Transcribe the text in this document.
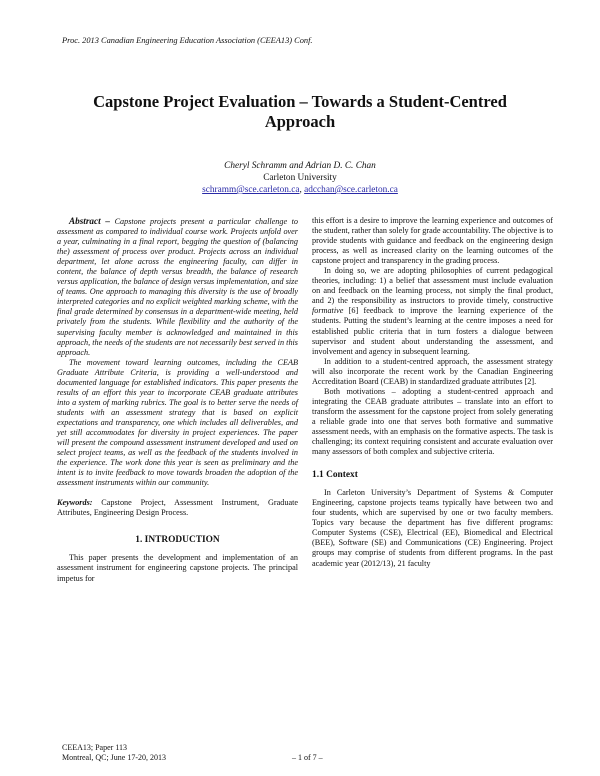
Proc. 2013 Canadian Engineering Education Association (CEEA13) Conf.
Capstone Project Evaluation – Towards a Student-Centred
Approach
Cheryl Schramm and Adrian D. C. Chan
Carleton University
schramm@sce.carleton.ca, adcchan@sce.carleton.ca

Abstract – Capstone projects present a particular challenge to assessment as compared to individual course work. Projects unfold over a year, culminating in a final report, begging the question of (balancing the) assessment of process over product. Projects across an individual department, let alone across the engineering faculty, can differ in content, the balance of depth versus breadth, the balance of research versus application, the balance of design versus implementation, and size of teams. One approach to managing this diversity is the use of broadly interpreted categories and no explicit weighted marking scheme, with the final grade determined by consensus in a department-wide meeting, held privately from the students. While flexibility and the authority of the supervising faculty member is acknowledged and maintained in this approach, the needs of the students are not necessarily best served in this approach.

The movement toward learning outcomes, including the CEAB Graduate Attribute Criteria, is providing a well-understood and documented language for established indicators. This paper presents the results of an effort this year to incorporate CEAB graduate attributes into a system of marking rubrics. The goal is to better serve the needs of students with an assessment strategy that is based on explicit expectations and transparency, one which includes all deliverables, and yet still accommodates for diversity in project experiences. The paper will present the compound assessment instrument developed and used on select project teams, as well as the feedback of the students involved in the experience. The work done this year is seen as preliminary and the intent is to invite feedback to move towards broaden the adoption of the assessment instruments within our community.

Keywords: Capstone Project, Assessment Instrument, Graduate Attributes, Engineering Design Process.

1. INTRODUCTION

This paper presents the development and implementation of an assessment instrument for engineering capstone projects. The principal impetus for

this effort is a desire to improve the learning experience and outcomes of the student, rather than solely for grade accountability. The objective is to provide students with guidance and feedback on the engineering design process, as well as increased clarity on the learning outcomes of the capstone project and transparency in the grading process.

In doing so, we are adopting philosophies of current pedagogical theories, including: 1) a belief that assessment must include evaluation on and feedback on the learning process, not simply the final product, and 2) the responsibility as instructors to provide timely, constructive formative [6] feedback to improve the learning experience of the students. Putting the student’s learning at the centre imposes a need for established public criteria that in turn fosters a dialogue between supervisor and student about understanding the assessment, and involvement and agency in subsequent learning.

In addition to a student-centred approach, the assessment strategy will also incorporate the recent work by the Canadian Engineering Accreditation Board (CEAB) in standardized graduate attributes [2].

Both motivations – adopting a student-centred approach and integrating the CEAB graduate attributes – translate into an effort to transform the assessment for the capstone project from solely generating a reliable grade into one that serves both formative and summative assessment needs, with an emphasis on the formative aspects. The task is challenging; its context requiring consistent and accurate evaluation over many assessors of both complex and subjective criteria.

1.1 Context

In Carleton University’s Department of Systems & Computer Engineering, capstone projects teams typically have between two and four students, which are supervised by one or two faculty members. Topics vary because the department has five different programs: Computer Systems (CSE), Electrical (EE), Biomedical and Electrical (BEE), Software (SE) and Communications (CE) Engineering. Project groups may comprise of students from different programs. In the past academic year (2012/13), 21 faculty

CEEA13; Paper 113
Montreal, QC; June 17-20, 2013	– 1 of 7 –
